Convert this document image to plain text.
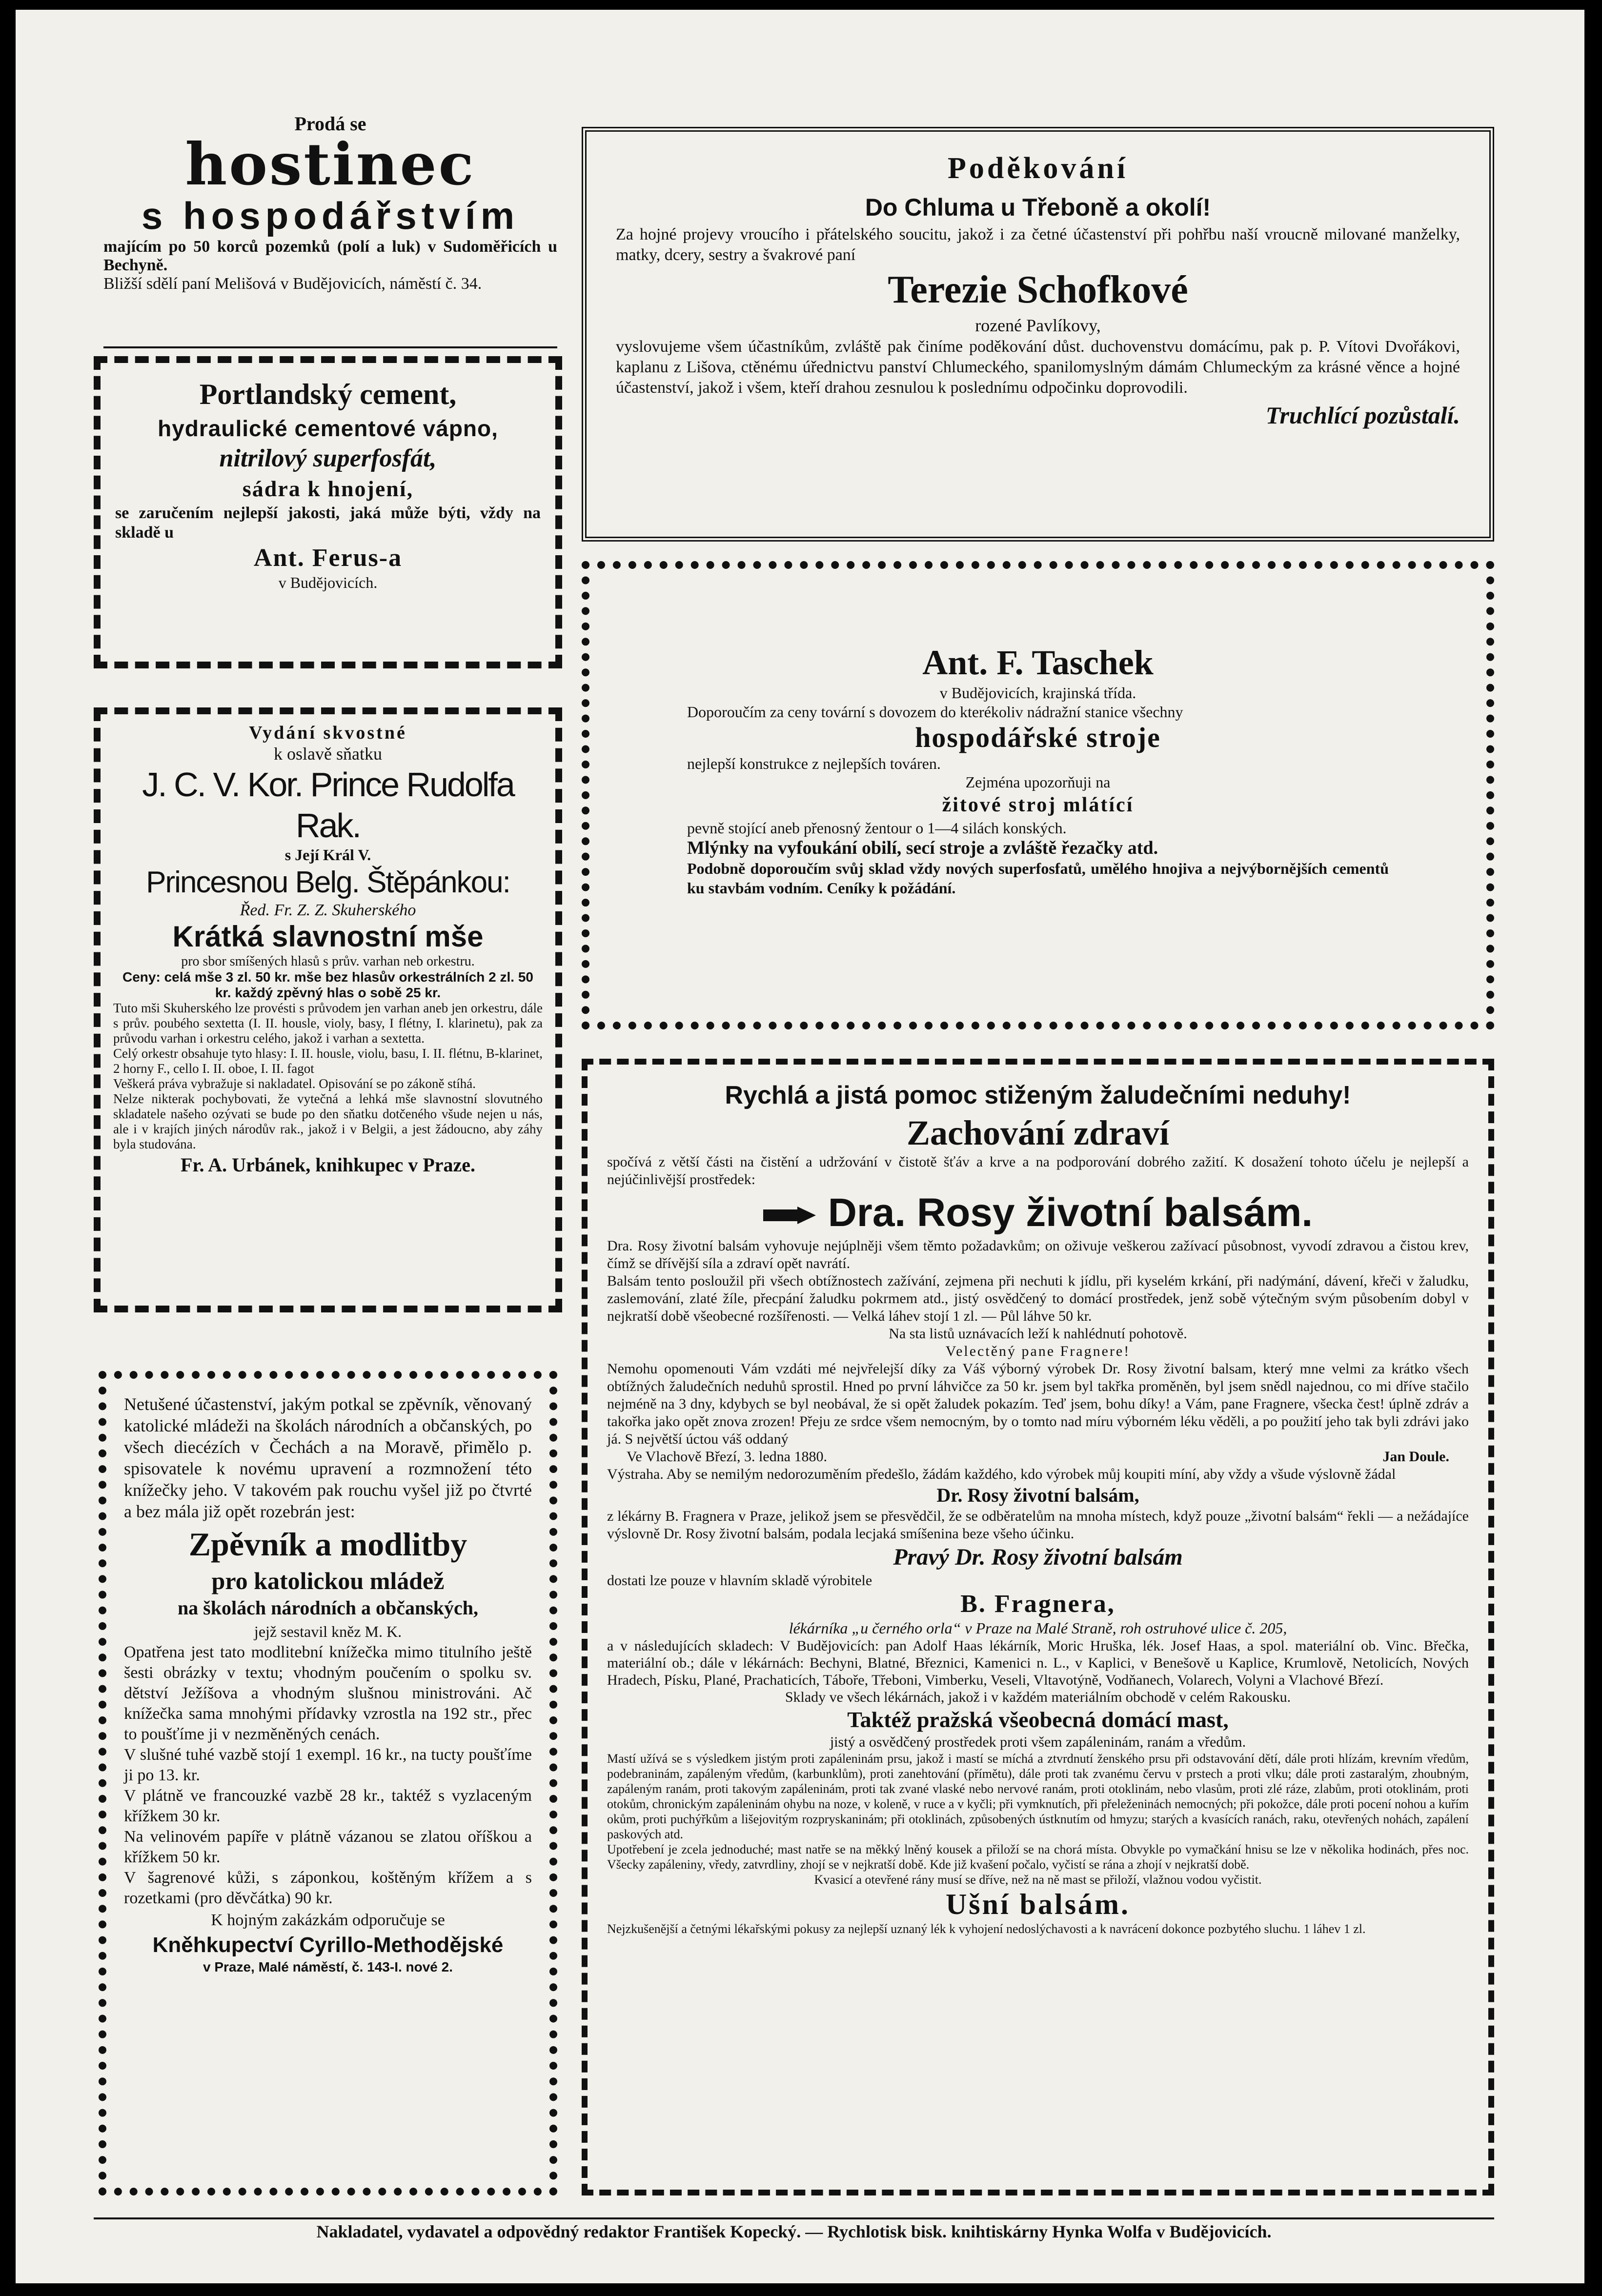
Prodá se
hostinec
s hospodářstvím

majícím po 50 korců pozemků (polí a luk) v Sudoměřicích u Bechyně.

Bližší sdělí paní Melišová v Budějovicích, náměstí č. 34.

Portlandský cement,
hydraulické cementové vápno,
nitrilový superfosfát,
sádra k hnojení,

se zaručením nejlepší jakosti, jaká může býti, vždy na skladě u

Ant. Ferus-a
v Budějovicích.
Vydání skvostné
k oslavě sňatku
J. C. V. Kor. Prince Rudolfa Rak.
s Její Král V.
Princesnou Belg. Štěpánkou:
Řed. Fr. Z. Z. Skuherského
Krátká slavnostní mše
pro sbor smíšených hlasů s prův. varhan neb orkestru.

Ceny: celá mše 3 zl. 50 kr. mše bez hlasův orkestrálních 2 zl. 50 kr. každý zpěvný hlas o sobě 25 kr.

Tuto mši Skuherského lze provésti s průvodem jen varhan aneb jen orkestru, dále s prův. poubého sextetta (I. II. housle, violy, basy, I flétny, I. klarinetu), pak za průvodu varhan i orkestru celého, jakož i varhan a sextetta.

Celý orkestr obsahuje tyto hlasy: I. II. housle, violu, basu, I. II. flétnu, B-klarinet, 2 horny F., cello I. II. oboe, I. II. fagot

Veškerá práva vybražuje si nakladatel. Opisování se po zákoně stíhá.

Nelze nikterak pochybovati, že vytečná a lehká mše slavnostní slovutného skladatele našeho ozývati se bude po den sňatku dotčeného všude nejen u nás, ale i v krajích jiných národův rak., jakož i v Belgii, a jest žádoucno, aby záhy byla studována.

Fr. A. Urbánek, knihkupec v Praze.

Netušené účastenství, jakým potkal se zpěvník, věnovaný katolické mládeži na školách národních a občanských, po všech diecézích v Čechách a na Moravě, přimělo p. spisovatele k novému upravení a rozmnožení této knížečky jeho. V takovém pak rouchu vyšel již po čtvrté a bez mála již opět rozebrán jest:

Zpěvník a modlitby
pro katolickou mládež
na školách národních a občanských,
jejž sestavil kněz M. K.

Opatřena jest tato modlitební knížečka mimo titulního ještě šesti obrázky v textu; vhodným poučením o spolku sv. dětství Ježíšova a vhodným slušnou ministrováni. Ač knížečka sama mnohými přídavky vzrostla na 192 str., přec to poušťíme ji v nezměněných cenách.

V slušné tuhé vazbě stojí 1 exempl. 16 kr., na tucty poušťíme ji po 13. kr.

V plátně ve francouzké vazbě 28 kr., taktéž s vyzlaceným křížkem 30 kr.

Na velinovém papíře v plátně vázanou se zlatou oříškou a křížkem 50 kr.

V šagrenové kůži, s záponkou, koštěným křížem a s rozetkami (pro děvčátka) 90 kr.

K hojným zakázkám odporučuje se
Kněhkupectví Cyrillo-Methodějské
v Praze, Malé náměstí, č. 143-I. nové 2.
Poděkování
Do Chluma u Třeboně a okolí!

Za hojné projevy vroucího i přátelského soucitu, jakož i za četné účastenství při pohřbu naší vroucně milované manželky, matky, dcery, sestry a švakrové paní

Terezie Schofkové
rozené Pavlíkovy,

vyslovujeme všem účastníkům, zvláště pak činíme poděkování důst. duchovenstvu domácímu, pak p. P. Vítovi Dvořákovi, kaplanu z Lišova, ctěnému úřednictvu panství Chlumeckého, spanilomyslným dámám Chlumeckým za krásné věnce a hojné účastenství, jakož i všem, kteří drahou zesnulou k poslednímu odpočinku doprovodili.

Truchlící pozůstalí.
Ant. F. Taschek
v Budějovicích, krajinská třída.

Doporoučím za ceny tovární s dovozem do kterékoliv nádražní stanice všechny

hospodářské stroje
nejlepší konstrukce z nejlepších továren.
Zejména upozorňuji na
žitové stroj mlátící

pevně stojící aneb přenosný žentour o 1—4 silách konských.

Mlýnky na vyfoukání obilí, secí stroje a zvláště řezačky atd.

Podobně doporoučím svůj sklad vždy nových superfosfatů, umělého hnojiva a nejvýbornějších cementů ku stavbám vodním. Ceníky k požádání.

Rychlá a jistá pomoc stiženým žaludečními neduhy!
Zachování zdraví

spočívá z větší části na čistění a udržování v čistotě šťáv a krve a na podporování dobrého zažití. K dosažení tohoto účelu je nejlepší a nejúčinlivější prostředek:

Dra. Rosy životní balsám.

Dra. Rosy životní balsám vyhovuje nejúplněji všem těmto požadavkům; on oživuje veškerou zažívací působnost, vyvodí zdravou a čistou krev, čímž se dřívější síla a zdraví opět navrátí.

Balsám tento posloužil při všech obtížnostech zažívání, zejmena při nechuti k jídlu, při kyselém krkání, při nadýmání, dávení, křeči v žaludku, zaslemování, zlaté žíle, přecpání žaludku pokrmem atd., jistý osvědčený to domácí prostředek, jenž sobě výtečným svým působením dobyl v nejkratší době všeobecné rozšířenosti. — Velká láhev stojí 1 zl. — Půl láhve 50 kr.

Na sta listů uznávacích leží k nahlédnutí pohotově.
Velectěný pane Fragnere!

Nemohu opomenouti Vám vzdáti mé nejvřelejší díky za Váš výborný výrobek Dr. Rosy životní balsam, který mne velmi za krátko všech obtížných žaludečních neduhů sprostil. Hned po první láhvičce za 50 kr. jsem byl takřka proměněn, byl jsem snědl najednou, co mi dříve stačilo nejméně na 3 dny, kdybych se byl neobával, že si opět žaludek pokazím. Teď jsem, bohu díky! a Vám, pane Fragnere, všecka čest! úplně zdráv a takořka jako opět znova zrozen! Přeju ze srdce všem nemocným, by o tomto nad míru výborném léku věděli, a po použití jeho tak byli zdrávi jako já. S největší úctou váš oddaný

Ve Vlachově Březí, 3. ledna 1880.	Jan Doule.

Výstraha. Aby se nemilým nedorozuměním předešlo, žádám každého, kdo výrobek můj koupiti míní, aby vždy a všude výslovně žádal

Dr. Rosy životní balsám,

z lékárny B. Fragnera v Praze, jelikož jsem se přesvědčil, že se odběratelům na mnoha místech, když pouze „životní balsám“ řekli — a nežádajíce výslovně Dr. Rosy životní balsám, podala lecjaká smíšenina beze všeho účinku.

Pravý Dr. Rosy životní balsám
dostati lze pouze v hlavním skladě výrobitele
B. Fragnera,
lékárníka „u černého orla“ v Praze na Malé Straně, roh ostruhové ulice č. 205,

a v následujících skladech: V Budějovicích: pan Adolf Haas lékárník, Moric Hruška, lék. Josef Haas, a spol. materiální ob. Vinc. Břečka, materiální ob.; dále v lékárnách: Bechyni, Blatné, Březnici, Kamenici n. L., v Kaplici, v Benešově u Kaplice, Krumlově, Netolicích, Nových Hradech, Písku, Plané, Prachaticích, Táboře, Třeboni, Vimberku, Veseli, Vltavotýně, Vodňanech, Volarech, Volyni a Vlachové Březí.

Sklady ve všech lékárnách, jakož i v každém materiálním obchodě v celém Rakousku.
Taktéž pražská všeobecná domácí mast,
jistý a osvědčený prostředek proti všem zapáleninám, ranám a vředům.

Mastí užívá se s výsledkem jistým proti zapáleninám prsu, jakož i mastí se míchá a ztvrdnutí ženského prsu při odstavování dětí, dále proti hlízám, krevním vředům, podebraninám, zapáleným vředům, (karbunklům), proti zanehtování (přímětu), dále proti tak zvanému červu v prstech a proti vlku; dále proti zastaralým, zhoubným, zapáleným ranám, proti takovým zapáleninám, proti tak zvané vlaské nebo nervové ranám, proti otoklinám, nebo vlasům, proti zlé ráze, zlabům, proti otoklinám, proti otokům, chronickým zapáleninám ohybu na noze, v koleně, v ruce a v kyčli; při vymknutích, při přeleženinách nemocných; při pokožce, dále proti pocení nohou a kuřím okům, proti puchýřkům a lišejovitým rozpryskaninám; při otoklinách, způsobených ústknutím od hmyzu; starých a kvasících ranách, raku, otevřených nohách, zapálení paskových atd.

Upotřebení je zcela jednoduché; mast natře se na měkký lněný kousek a přiloží se na chorá místa. Obvykle po vymačkání hnisu se lze v několika hodinách, přes noc. Všecky zapáleniny, vředy, zatvrdliny, zhojí se v nejkratší době. Kde již kvašení počalo, vyčistí se rána a zhojí v nejkratší době.

Kvasicí a otevřené rány musí se dříve, než na ně mast se přiloží, vlažnou vodou vyčistit.
Ušní balsám.

Nejzkušenější a četnými lékařskými pokusy za nejlepší uznaný lék k vyhojení nedoslýchavosti a k navrácení dokonce pozbytého sluchu. 1 láhev 1 zl.

Nakladatel, vydavatel a odpovědný redaktor František Kopecký. — Rychlotisk bisk. knihtiskárny Hynka Wolfa v Budějovicích.
